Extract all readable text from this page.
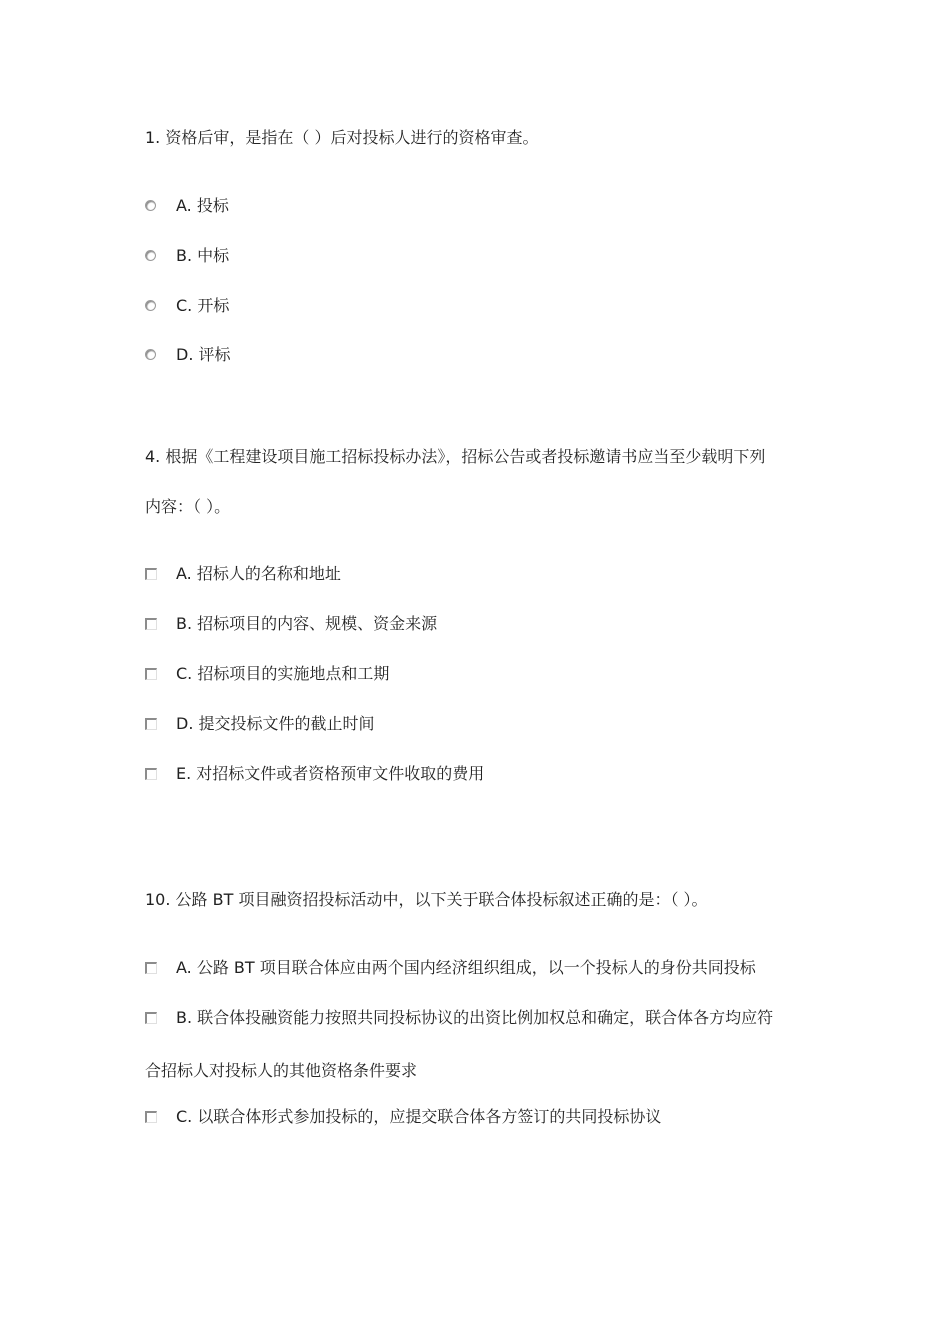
1. 资格后审，是指在（ ）后对投标人进行的资格审查。
A. 投标
B. 中标
C. 开标
D. 评标
4. 根据《工程建设项目施工招标投标办法》，招标公告或者投标邀请书应当至少载明下列
内容：（ ）。
A. 招标人的名称和地址
B. 招标项目的内容、规模、资金来源
C. 招标项目的实施地点和工期
D. 提交投标文件的截止时间
E. 对招标文件或者资格预审文件收取的费用
10. 公路 BT 项目融资招投标活动中，以下关于联合体投标叙述正确的是：（ ）。
A. 公路 BT 项目联合体应由两个国内经济组织组成，以一个投标人的身份共同投标
B. 联合体投融资能力按照共同投标协议的出资比例加权总和确定，联合体各方均应符
合招标人对投标人的其他资格条件要求
C. 以联合体形式参加投标的，应提交联合体各方签订的共同投标协议
